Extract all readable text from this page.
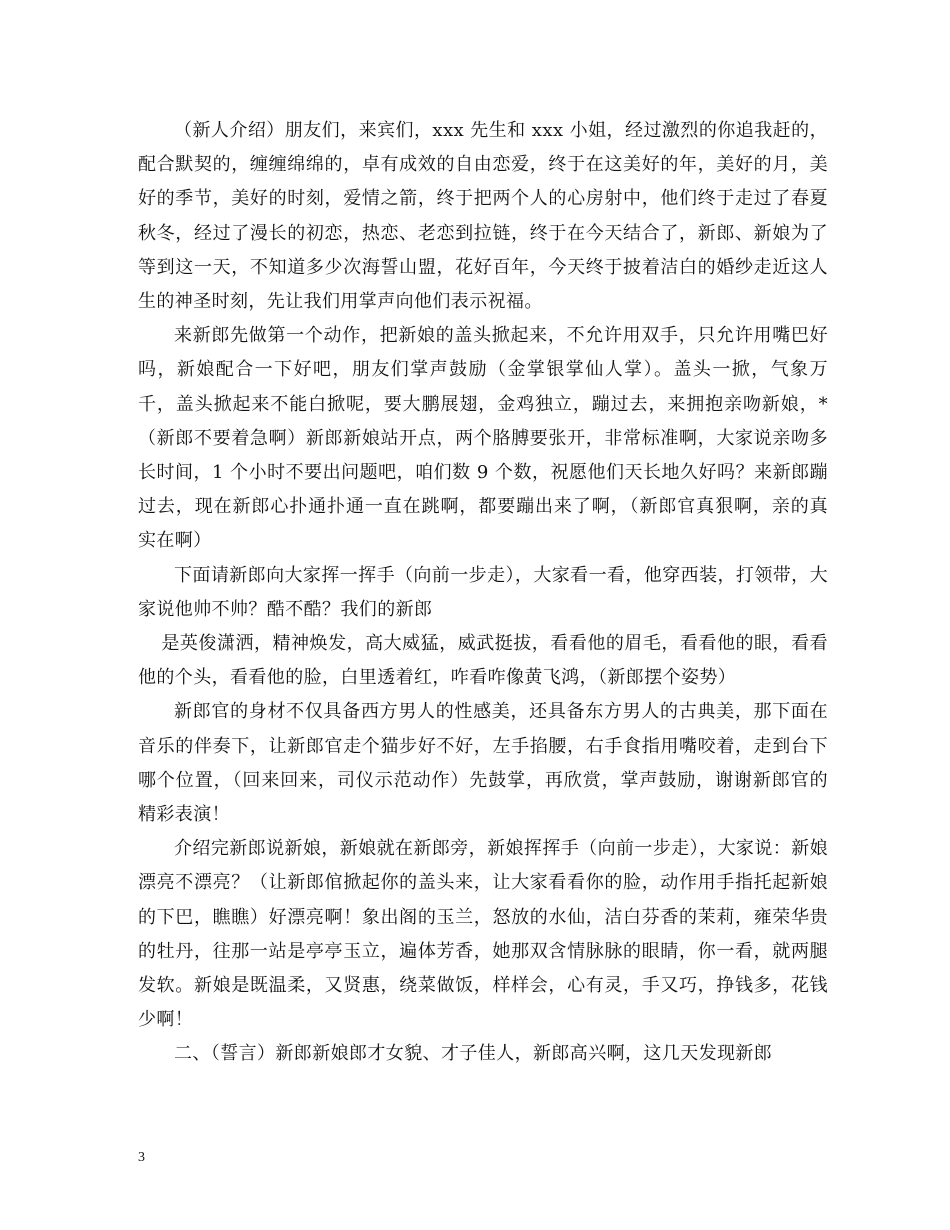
（新人介绍）朋友们，来宾们，xxx 先生和 xxx 小姐，经过激烈的你追我赶的，配合默契的，缠缠绵绵的，卓有成效的自由恋爱，终于在这美好的年，美好的月，美好的季节，美好的时刻，爱情之箭，终于把两个人的心房射中，他们终于走过了春夏秋冬，经过了漫长的初恋，热恋、老恋到拉链，终于在今天结合了，新郎、新娘为了等到这一天，不知道多少次海誓山盟，花好百年，今天终于披着洁白的婚纱走近这人生的神圣时刻，先让我们用掌声向他们表示祝福。

来新郎先做第一个动作，把新娘的盖头掀起来，不允许用双手，只允许用嘴巴好吗，新娘配合一下好吧，朋友们掌声鼓励（金掌银掌仙人掌）。盖头一掀，气象万千，盖头掀起来不能白掀呢，要大鹏展翅，金鸡独立，蹦过去，来拥抱亲吻新娘，*（新郎不要着急啊）新郎新娘站开点，两个胳膊要张开，非常标准啊，大家说亲吻多长时间，1 个小时不要出问题吧，咱们数 9 个数，祝愿他们天长地久好吗？来新郎蹦过去，现在新郎心扑通扑通一直在跳啊，都要蹦出来了啊，（新郎官真狠啊，亲的真实在啊）

下面请新郎向大家挥一挥手（向前一步走），大家看一看，他穿西装，打领带，大家说他帅不帅？酷不酷？我们的新郎

是英俊潇洒，精神焕发，高大威猛，威武挺拔，看看他的眉毛，看看他的眼，看看他的个头，看看他的脸，白里透着红，咋看咋像黄飞鸿，（新郎摆个姿势）

新郎官的身材不仅具备西方男人的性感美，还具备东方男人的古典美，那下面在音乐的伴奏下，让新郎官走个猫步好不好，左手掐腰，右手食指用嘴咬着，走到台下哪个位置，（回来回来，司仪示范动作）先鼓掌，再欣赏，掌声鼓励，谢谢新郎官的精彩表演！

介绍完新郎说新娘，新娘就在新郎旁，新娘挥挥手（向前一步走），大家说：新娘漂亮不漂亮？（让新郎倌掀起你的盖头来，让大家看看你的脸，动作用手指托起新娘的下巴，瞧瞧）好漂亮啊！象出阁的玉兰，怒放的水仙，洁白芬香的茉莉，雍荣华贵的牡丹，往那一站是亭亭玉立，遍体芳香，她那双含情脉脉的眼睛，你一看，就两腿发软。新娘是既温柔，又贤惠，绕菜做饭，样样会，心有灵，手又巧，挣钱多，花钱少啊！

二、（誓言）新郎新娘郎才女貌、才子佳人，新郎高兴啊，这几天发现新郎

3
